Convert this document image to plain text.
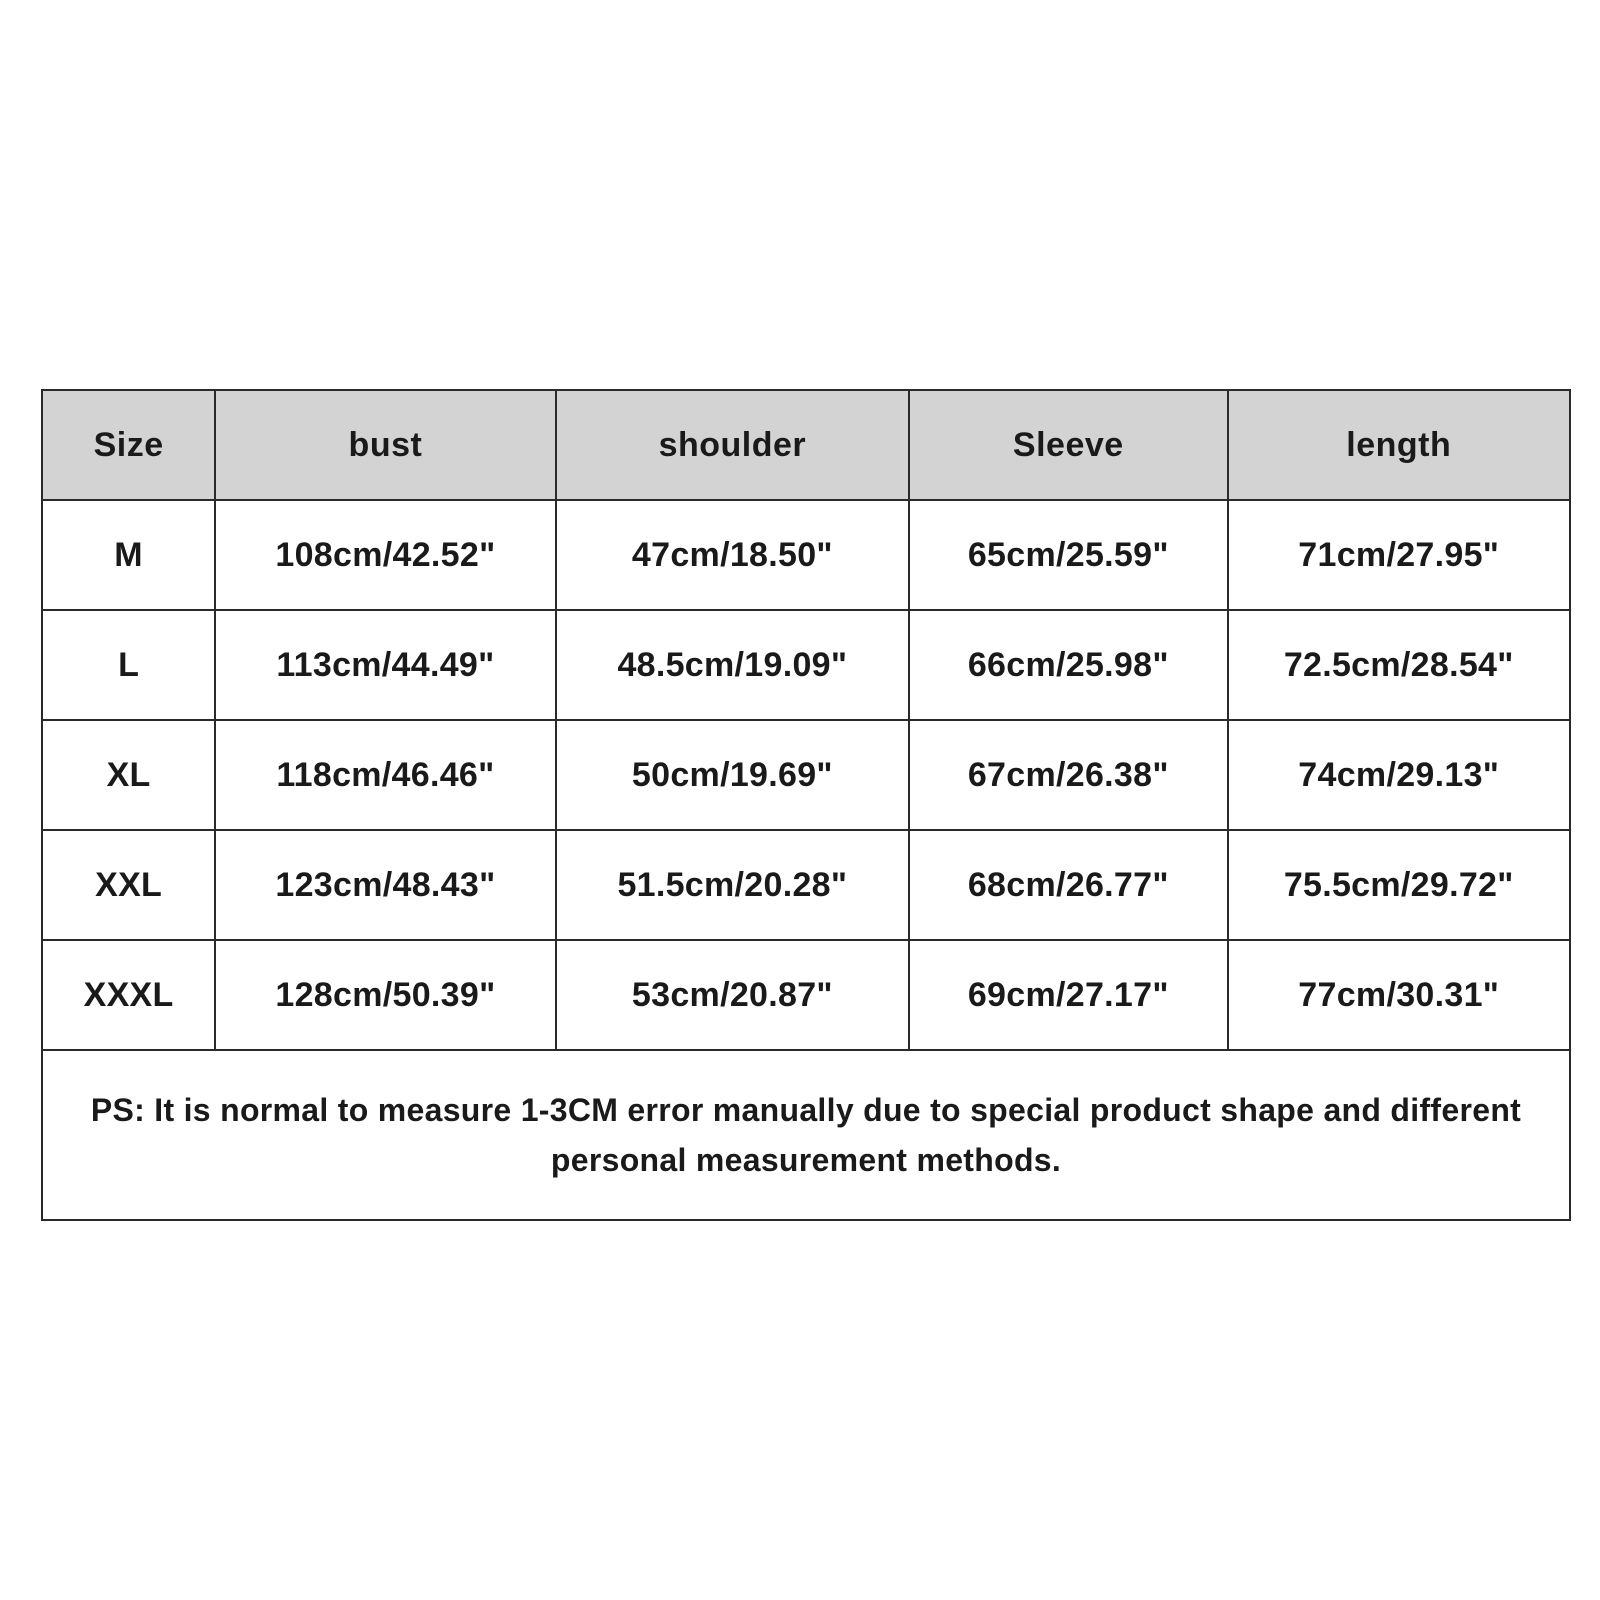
Size	bust	shoulder	Sleeve	length
M	108cm/42.52"	47cm/18.50"	65cm/25.59"	71cm/27.95"
L	113cm/44.49"	48.5cm/19.09"	66cm/25.98"	72.5cm/28.54"
XL	118cm/46.46"	50cm/19.69"	67cm/26.38"	74cm/29.13"
XXL	123cm/48.43"	51.5cm/20.28"	68cm/26.77"	75.5cm/29.72"
XXXL	128cm/50.39"	53cm/20.87"	69cm/27.17"	77cm/30.31"
PS: It is normal to measure 1-3CM error manually due to special product shape and different personal measurement methods.				
